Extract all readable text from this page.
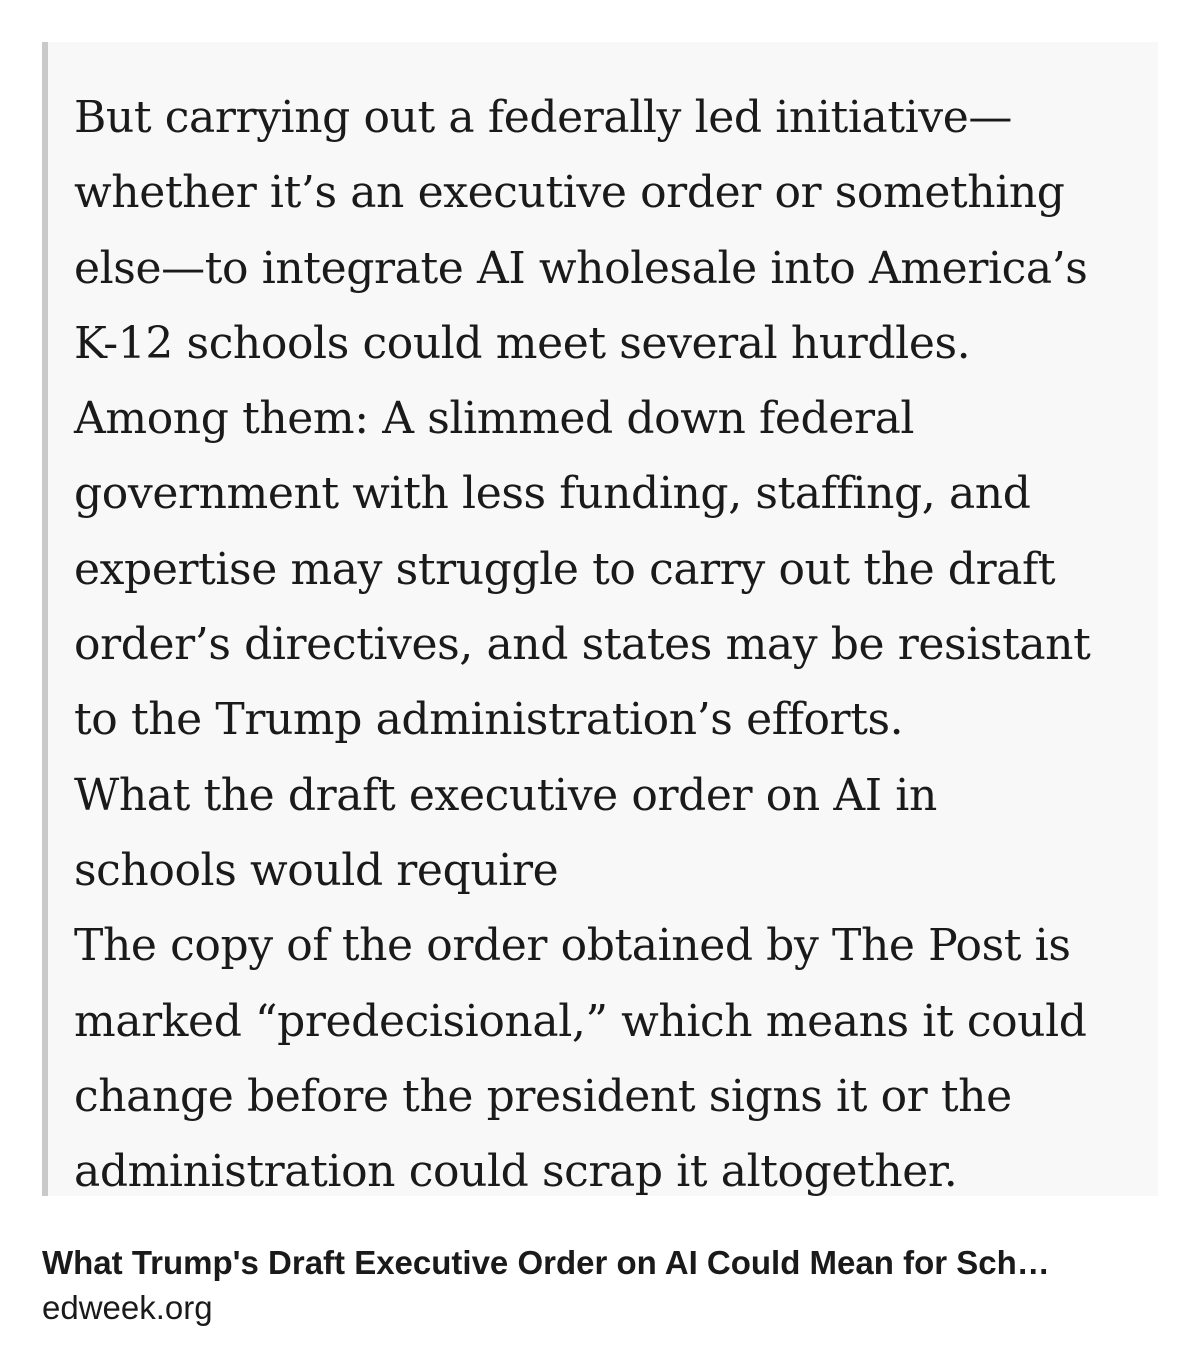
But carrying out a federally led initiative—
whether it’s an executive order or something
else—to integrate AI wholesale into America’s
K-12 schools could meet several hurdles.
Among them: A slimmed down federal
government with less funding, staffing, and
expertise may struggle to carry out the draft
order’s directives, and states may be resistant
to the Trump administration’s efforts.
What the draft executive order on AI in
schools would require
The copy of the order obtained by The Post is
marked “predecisional,” which means it could
change before the president signs it or the
administration could scrap it altogether.

What Trump's Draft Executive Order on AI Could Mean for Sch…
edweek.org
